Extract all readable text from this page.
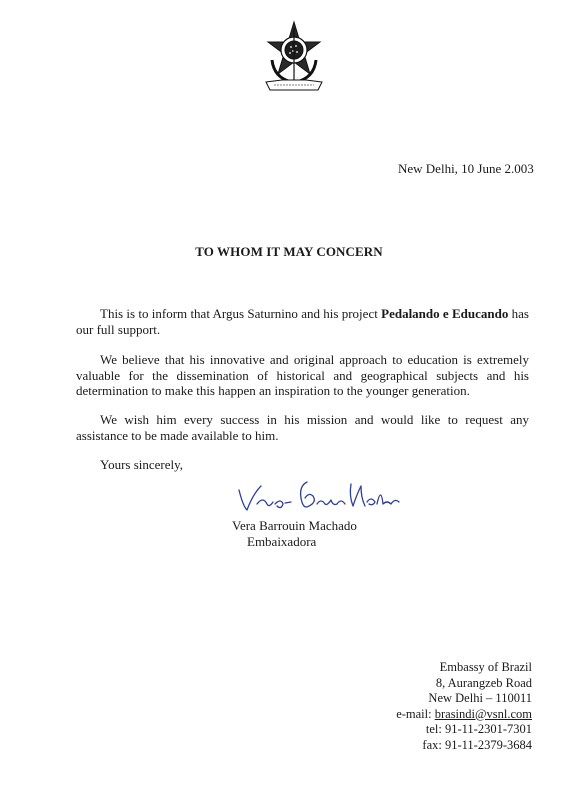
New Delhi, 10 June 2.003
TO WHOM IT MAY CONCERN
This is to inform that Argus Saturnino and his project Pedalando e Educando has our full support.
We believe that his innovative and original approach to education is extremely valuable for the dissemination of historical and geographical subjects and his determination to make this happen an inspiration to the younger generation.
We wish him every success in his mission and would like to request any assistance to be made available to him.
Yours sincerely,
Vera Barrouin Machado
Embaixadora
Embassy of Brazil
8, Aurangzeb Road
New Delhi – 110011
e-mail: brasindi@vsnl.com
tel: 91-11-2301-7301
fax: 91-11-2379-3684
